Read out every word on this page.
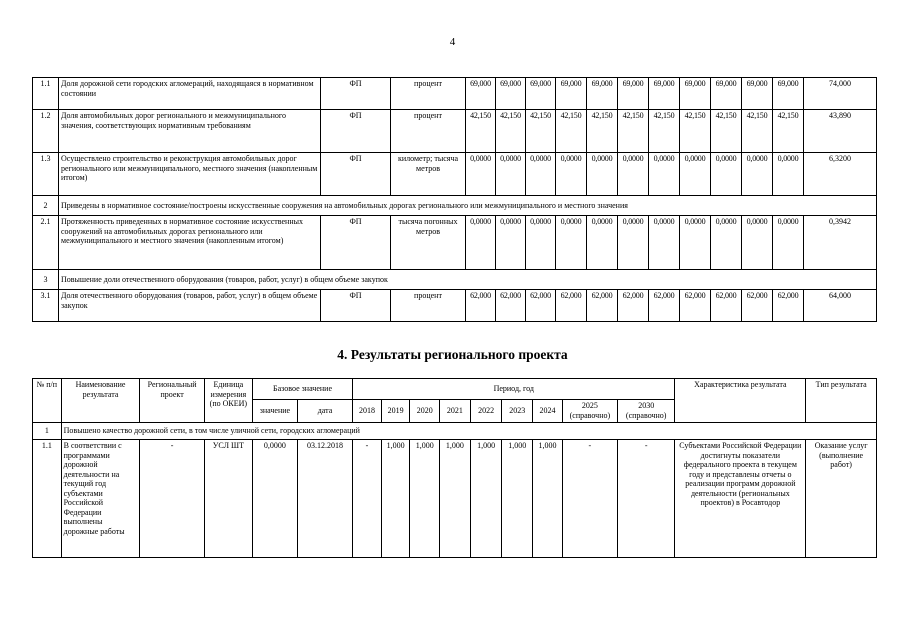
4
1.1	Доля дорожной сети городских агломераций, находящаяся в нормативном состоянии	ФП	процент	69,000	69,000	69,000	69,000	69,000	69,000	69,000	69,000	69,000	69,000	69,000	74,000
1.2	Доля автомобильных дорог регионального и межмуниципального значения, соответствующих нормативным требованиям	ФП	процент	42,150	42,150	42,150	42,150	42,150	42,150	42,150	42,150	42,150	42,150	42,150	43,890
1.3	Осуществлено строительство и реконструкция автомобильных дорог регионального или межмуниципального, местного значения (накопленным итогом)	ФП	километр; тысяча метров	0,0000	0,0000	0,0000	0,0000	0,0000	0,0000	0,0000	0,0000	0,0000	0,0000	0,0000	6,3200
2	Приведены в нормативное состояние/построены искусственные сооружения на автомобильных дорогах регионального или межмуниципального и местного значения														
2.1	Протяженность приведенных в нормативное состояние искусственных сооружений на автомобильных дорогах регионального или межмуниципального и местного значения (накопленным итогом)	ФП	тысяча погонных метров	0,0000	0,0000	0,0000	0,0000	0,0000	0,0000	0,0000	0,0000	0,0000	0,0000	0,0000	0,3942
3	Повышение доли отечественного оборудования (товаров, работ, услуг) в общем объеме закупок														
3.1	Доля отечественного оборудования (товаров, работ, услуг) в общем объеме закупок	ФП	процент	62,000	62,000	62,000	62,000	62,000	62,000	62,000	62,000	62,000	62,000	62,000	64,000
4. Результаты регионального проекта
№ п/п	Наименование результата	Региональный проект	Единица измерения (по ОКЕИ)	Базовое значение		Период, год									Характеристика результата	Тип результата
				значение	дата	2018	2019	2020	2021	2022	2023	2024	2025 (справочно)	2030 (справочно)		
1	Повышено качество дорожной сети, в том числе уличной сети, городских агломераций															
1.1	В соответствии с программами дорожной деятельности на текущий год субъектами Российской Федерации выполнены дорожные работы	-	УСЛ ШТ	0,0000	03.12.2018	-	1,000	1,000	1,000	1,000	1,000	1,000	-	-	Субъектами Российской Федерации достигнуты показатели федерального проекта в текущем году и представлены отчеты о реализации программ дорожной деятельности (региональных проектов) в Росавтодор	Оказание услуг (выполнение работ)
